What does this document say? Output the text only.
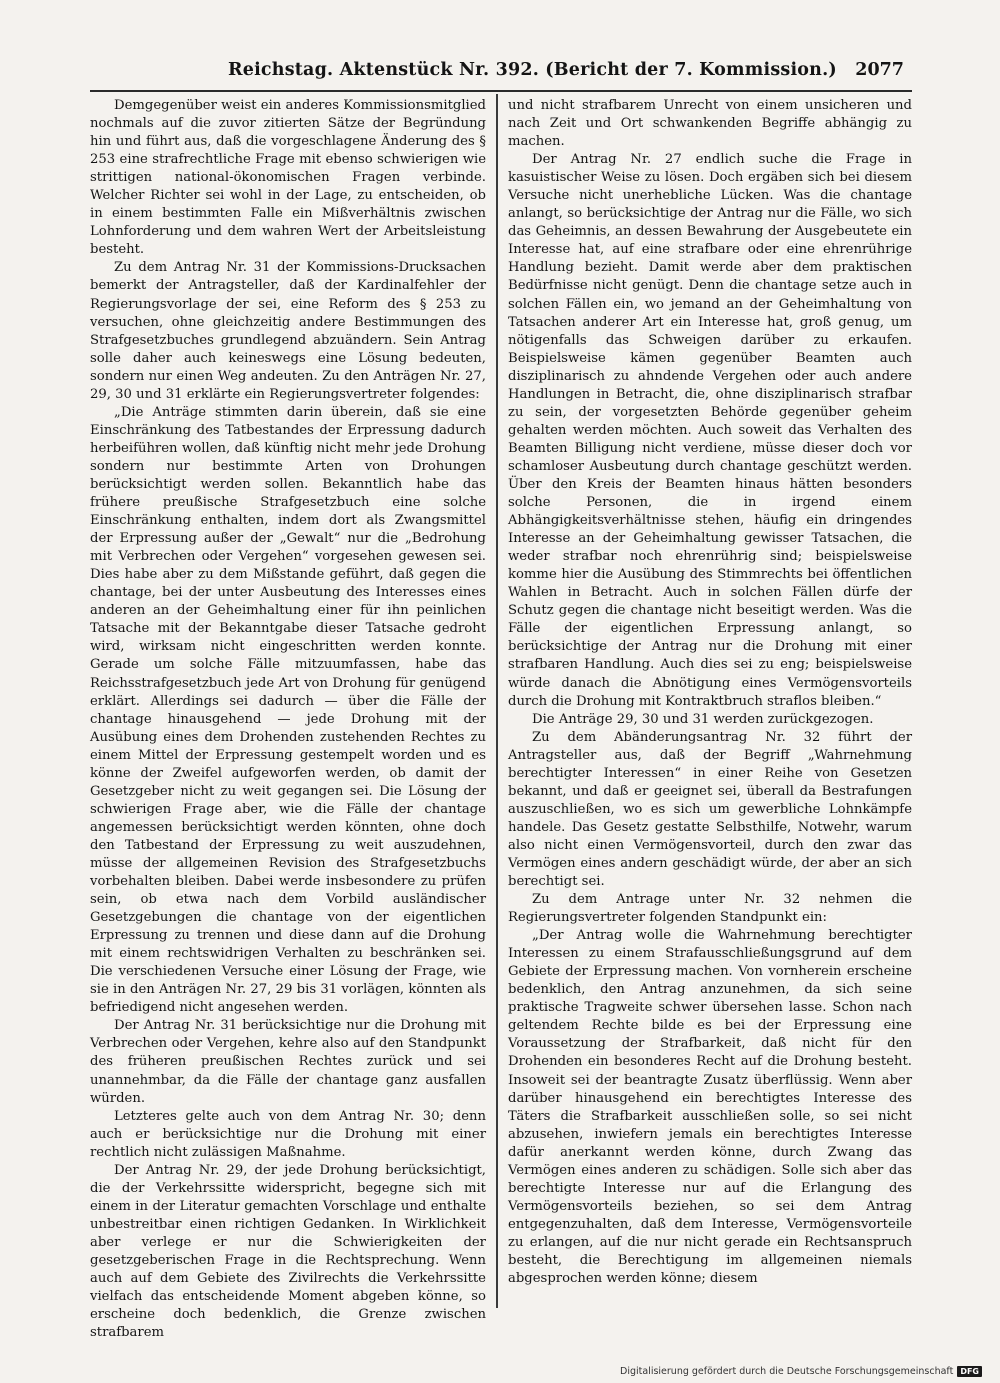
Reichstag. Aktenstück Nr. 392. (Bericht der 7. Kommission.) 2077

Demgegenüber weist ein anderes Kommissionsmitglied nochmals auf die zuvor zitierten Sätze der Begründung hin und führt aus, daß die vorgeschlagene Änderung des § 253 eine strafrechtliche Frage mit ebenso schwierigen wie strittigen national-ökonomischen Fragen verbinde. Welcher Richter sei wohl in der Lage, zu entscheiden, ob in einem bestimmten Falle ein Mißverhältnis zwischen Lohnforderung und dem wahren Wert der Arbeitsleistung besteht.

Zu dem Antrag Nr. 31 der Kommissions-Drucksachen bemerkt der Antragsteller, daß der Kardinalfehler der Regierungsvorlage der sei, eine Reform des § 253 zu versuchen, ohne gleichzeitig andere Bestimmungen des Strafgesetzbuches grundlegend abzuändern. Sein Antrag solle daher auch keineswegs eine Lösung bedeuten, sondern nur einen Weg andeuten. Zu den Anträgen Nr. 27, 29, 30 und 31 erklärte ein Regierungsvertreter folgendes:

„Die Anträge stimmten darin überein, daß sie eine Einschränkung des Tatbestandes der Erpressung dadurch herbeiführen wollen, daß künftig nicht mehr jede Drohung sondern nur bestimmte Arten von Drohungen berücksichtigt werden sollen. Bekanntlich habe das frühere preußische Strafgesetzbuch eine solche Einschränkung enthalten, indem dort als Zwangsmittel der Erpressung außer der „Gewalt“ nur die „Bedrohung mit Verbrechen oder Vergehen“ vorgesehen gewesen sei. Dies habe aber zu dem Mißstande geführt, daß gegen die chantage, bei der unter Ausbeutung des Interesses eines anderen an der Geheimhaltung einer für ihn peinlichen Tatsache mit der Bekanntgabe dieser Tatsache gedroht wird, wirksam nicht eingeschritten werden konnte. Gerade um solche Fälle mitzuumfassen, habe das Reichsstrafgesetzbuch jede Art von Drohung für genügend erklärt. Allerdings sei dadurch — über die Fälle der chantage hinausgehend — jede Drohung mit der Ausübung eines dem Drohenden zustehenden Rechtes zu einem Mittel der Erpressung gestempelt worden und es könne der Zweifel aufgeworfen werden, ob damit der Gesetzgeber nicht zu weit gegangen sei. Die Lösung der schwierigen Frage aber, wie die Fälle der chantage angemessen berücksichtigt werden könnten, ohne doch den Tatbestand der Erpressung zu weit auszudehnen, müsse der allgemeinen Revision des Strafgesetzbuchs vorbehalten bleiben. Dabei werde insbesondere zu prüfen sein, ob etwa nach dem Vorbild ausländischer Gesetzgebungen die chantage von der eigentlichen Erpressung zu trennen und diese dann auf die Drohung mit einem rechtswidrigen Verhalten zu beschränken sei. Die verschiedenen Versuche einer Lösung der Frage, wie sie in den Anträgen Nr. 27, 29 bis 31 vorlägen, könnten als befriedigend nicht angesehen werden.

Der Antrag Nr. 31 berücksichtige nur die Drohung mit Verbrechen oder Vergehen, kehre also auf den Standpunkt des früheren preußischen Rechtes zurück und sei unannehmbar, da die Fälle der chantage ganz ausfallen würden.

Letzteres gelte auch von dem Antrag Nr. 30; denn auch er berücksichtige nur die Drohung mit einer rechtlich nicht zulässigen Maßnahme.

Der Antrag Nr. 29, der jede Drohung berücksichtigt, die der Verkehrssitte widerspricht, begegne sich mit einem in der Literatur gemachten Vorschlage und enthalte unbestreitbar einen richtigen Gedanken. In Wirklichkeit aber verlege er nur die Schwierigkeiten der gesetzgeberischen Frage in die Rechtsprechung. Wenn auch auf dem Gebiete des Zivilrechts die Verkehrssitte vielfach das entscheidende Moment abgeben könne, so erscheine doch bedenklich, die Grenze zwischen strafbarem

und nicht strafbarem Unrecht von einem unsicheren und nach Zeit und Ort schwankenden Begriffe abhängig zu machen.

Der Antrag Nr. 27 endlich suche die Frage in kasuistischer Weise zu lösen. Doch ergäben sich bei diesem Versuche nicht unerhebliche Lücken. Was die chantage anlangt, so berücksichtige der Antrag nur die Fälle, wo sich das Geheimnis, an dessen Bewahrung der Ausgebeutete ein Interesse hat, auf eine strafbare oder eine ehrenrührige Handlung bezieht. Damit werde aber dem praktischen Bedürfnisse nicht genügt. Denn die chantage setze auch in solchen Fällen ein, wo jemand an der Geheimhaltung von Tatsachen anderer Art ein Interesse hat, groß genug, um nötigenfalls das Schweigen darüber zu erkaufen. Beispielsweise kämen gegenüber Beamten auch disziplinarisch zu ahndende Vergehen oder auch andere Handlungen in Betracht, die, ohne disziplinarisch strafbar zu sein, der vorgesetzten Behörde gegenüber geheim gehalten werden möchten. Auch soweit das Verhalten des Beamten Billigung nicht verdiene, müsse dieser doch vor schamloser Ausbeutung durch chantage geschützt werden. Über den Kreis der Beamten hinaus hätten besonders solche Personen, die in irgend einem Abhängigkeitsverhältnisse stehen, häufig ein dringendes Interesse an der Geheimhaltung gewisser Tatsachen, die weder strafbar noch ehrenrührig sind; beispielsweise komme hier die Ausübung des Stimmrechts bei öffentlichen Wahlen in Betracht. Auch in solchen Fällen dürfe der Schutz gegen die chantage nicht beseitigt werden. Was die Fälle der eigentlichen Erpressung anlangt, so berücksichtige der Antrag nur die Drohung mit einer strafbaren Handlung. Auch dies sei zu eng; beispielsweise würde danach die Abnötigung eines Vermögensvorteils durch die Drohung mit Kontraktbruch straflos bleiben.“

Die Anträge 29, 30 und 31 werden zurückgezogen.

Zu dem Abänderungsantrag Nr. 32 führt der Antragsteller aus, daß der Begriff „Wahrnehmung berechtigter Interessen“ in einer Reihe von Gesetzen bekannt, und daß er geeignet sei, überall da Bestrafungen auszuschließen, wo es sich um gewerbliche Lohnkämpfe handele. Das Gesetz gestatte Selbsthilfe, Notwehr, warum also nicht einen Vermögensvorteil, durch den zwar das Vermögen eines andern geschädigt würde, der aber an sich berechtigt sei.

Zu dem Antrage unter Nr. 32 nehmen die Regierungsvertreter folgenden Standpunkt ein:

„Der Antrag wolle die Wahrnehmung berechtigter Interessen zu einem Strafausschließungsgrund auf dem Gebiete der Erpressung machen. Von vornherein erscheine bedenklich, den Antrag anzunehmen, da sich seine praktische Tragweite schwer übersehen lasse. Schon nach geltendem Rechte bilde es bei der Erpressung eine Voraussetzung der Strafbarkeit, daß nicht für den Drohenden ein besonderes Recht auf die Drohung besteht. Insoweit sei der beantragte Zusatz überflüssig. Wenn aber darüber hinausgehend ein berechtigtes Interesse des Täters die Strafbarkeit ausschließen solle, so sei nicht abzusehen, inwiefern jemals ein berechtigtes Interesse dafür anerkannt werden könne, durch Zwang das Vermögen eines anderen zu schädigen. Solle sich aber das berechtigte Interesse nur auf die Erlangung des Vermögensvorteils beziehen, so sei dem Antrag entgegenzuhalten, daß dem Interesse, Vermögensvorteile zu erlangen, auf die nur nicht gerade ein Rechtsanspruch besteht, die Berechtigung im allgemeinen niemals abgesprochen werden könne; diesem

Digitalisierung gefördert durch die Deutsche Forschungsgemeinschaft DFG
